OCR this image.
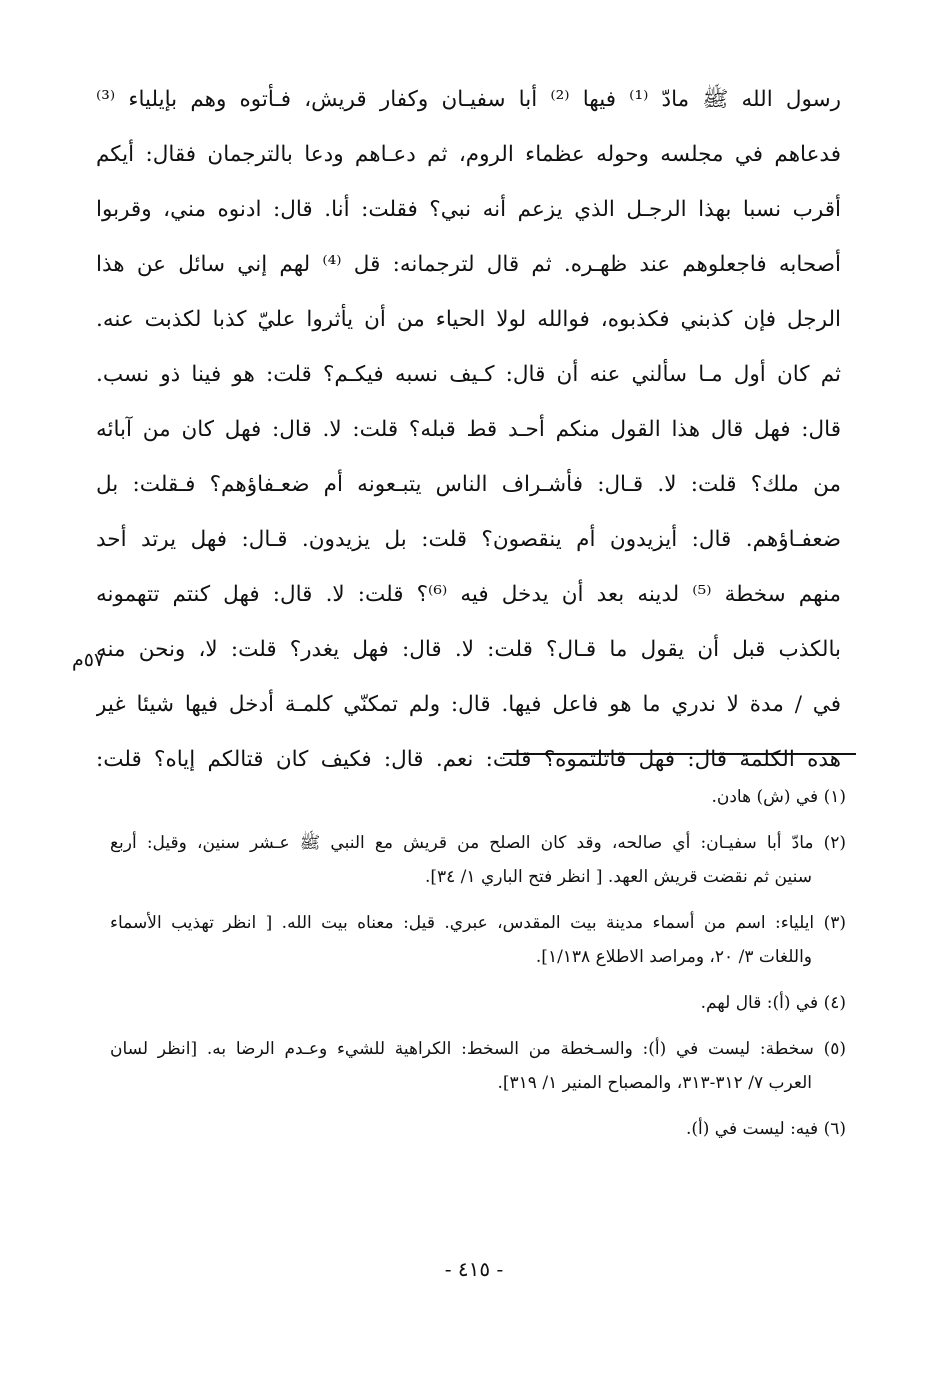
رسول الله ﷺ مادّ ⁽¹⁾ فيها ⁽²⁾ أبا سفيـان وكفار قريش، فـأتوه وهم بإيلياء ⁽³⁾
فدعاهم في مجلسه وحوله عظماء الروم، ثم دعـاهم ودعا بالترجمان فقال: أيكم
أقرب نسبا بهذا الرجـل الذي يزعم أنه نبي؟ فقلت: أنا. قال: ادنوه مني، وقربوا
أصحابه فاجعلوهم عند ظهـره. ثم قال لترجمانه: قل ⁽⁴⁾ لهم إني سائل عن هذا
الرجل فإن كذبني فكذبوه، فوالله لولا الحياء من أن يأثروا عليّ كذبا لكذبت عنه.
ثم كان أول مـا سألني عنه أن قال: كـيف نسبه فيكـم؟ قلت: هو فينا ذو نسب.
قال: فهل قال هذا القول منكم أحـد قط قبله؟ قلت: لا. قال: فهل كان من آبائه
من ملك؟ قلت: لا. قـال: فأشـراف الناس يتبـعونه أم ضعـفاؤهم؟ فـقلت: بل
ضعفـاؤهم. قال: أيزيدون أم ينقصون؟ قلت: بل يزيدون. قـال: فهل يرتد أحد
منهم سخطة ⁽⁵⁾ لدينه بعد أن يدخل فيه ⁽⁶⁾؟ قلت: لا. قال: فهل كنتم تتهمونه
بالكذب قبل أن يقول ما قـال؟ قلت: لا. قال: فهل يغدر؟ قلت: لا، ونحن منه
في / مدة لا ندري ما هو فاعل فيها. قال: ولم تمكنّي كلمـة أدخل فيها شيئا غير
هذه الكلمة قال: فهل قاتلتموه؟ قلت: نعم. قال: فكيف كان قتالكم إياه؟ قلت:
٥٧م
(١) في (ش) هادن.
(٢) مادّ أبا سفيـان: أي صالحه، وقد كان الصلح من قريش مع النبي ﷺ عـشر سنين، وقيل: أربع
سنين ثم نقضت قريش العهد. [ انظر فتح الباري ١/ ٣٤].
(٣) ايلياء: اسم من أسماء مدينة بيت المقدس، عبري. قيل: معناه بيت الله. [ انظر تهذيب الأسماء
واللغات ٣/ ٢٠، ومراصد الاطلاع ١/١٣٨].
(٤) في (أ): قال لهم.
(٥) سخطة: ليست في (أ): والسـخطة من السخط: الكراهية للشيء وعـدم الرضا به. [انظر لسان
العرب ٧/ ٣١٢-٣١٣، والمصباح المنير ١/ ٣١٩].
(٦) فيه: ليست في (أ).
- ٤١٥ -
